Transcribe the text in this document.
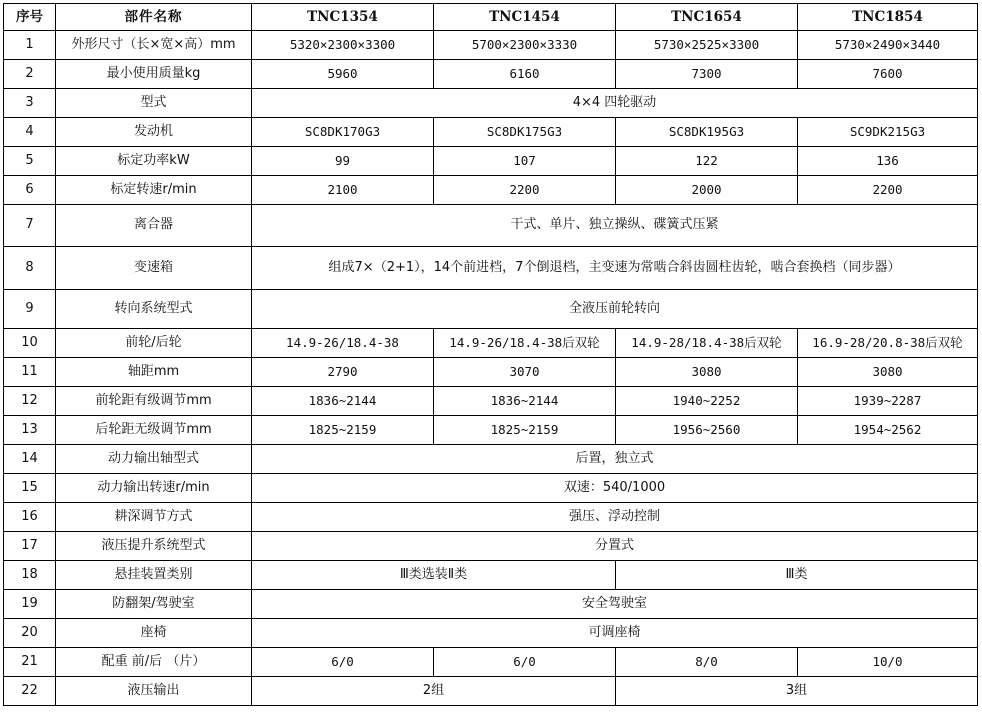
序号	部件名称	TNC1354	TNC1454	TNC1654	TNC1854
1	外形尺寸（长×宽×高）mm	5320×2300×3300	5700×2300×3330	5730×2525×3300	5730×2490×3440
2	最小使用质量kg	5960	6160	7300	7600
3	型式	4×4 四轮驱动			
4	发动机	SC8DK170G3	SC8DK175G3	SC8DK195G3	SC9DK215G3
5	标定功率kW	99	107	122	136
6	标定转速r/min	2100	2200	2000	2200
7	离合器	干式、单片、独立操纵、碟簧式压紧			
8	变速箱	组成7×（2+1），14个前进档，7个倒退档，主变速为常啮合斜齿圆柱齿轮，啮合套换档（同步器）			
9	转向系统型式	全液压前轮转向			
10	前轮/后轮	14.9-26/18.4-38	14.9-26/18.4-38后双轮	14.9-28/18.4-38后双轮	16.9-28/20.8-38后双轮
11	轴距mm	2790	3070	3080	3080
12	前轮距有级调节mm	1836~2144	1836~2144	1940~2252	1939~2287
13	后轮距无级调节mm	1825~2159	1825~2159	1956~2560	1954~2562
14	动力输出轴型式	后置，独立式			
15	动力输出转速r/min	双速：540/1000			
16	耕深调节方式	强压、浮动控制			
17	液压提升系统型式	分置式			
18	悬挂装置类别	Ⅲ类选装Ⅱ类		Ⅲ类	
19	防翻架/驾驶室	安全驾驶室			
20	座椅	可调座椅			
21	配重 前/后 （片）	6/0	6/0	8/0	10/0
22	液压输出	2组		3组	
